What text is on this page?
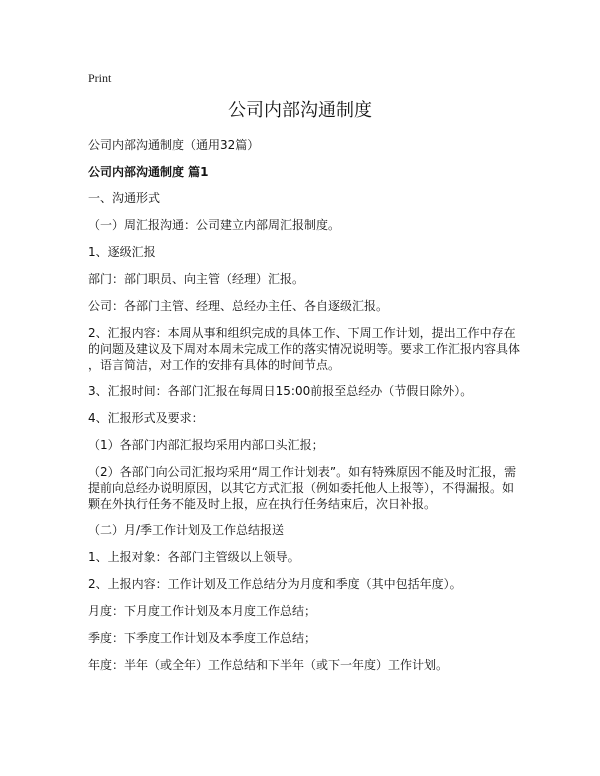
Print
公司内部沟通制度
公司内部沟通制度（通用32篇）
公司内部沟通制度 篇1
一、沟通形式
（一）周汇报沟通：公司建立内部周汇报制度。
1、逐级汇报
部门：部门职员、向主管（经理）汇报。
公司：各部门主管、经理、总经办主任、各自逐级汇报。
2、汇报内容：本周从事和组织完成的具体工作、下周工作计划，提出工作中存在
的问题及建议及下周对本周未完成工作的落实情况说明等。要求工作汇报内容具体
，语言简洁，对工作的安排有具体的时间节点。
3、汇报时间：各部门汇报在每周日15:00前报至总经办（节假日除外）。
4、汇报形式及要求：
（1）各部门内部汇报均采用内部口头汇报；
（2）各部门向公司汇报均采用“周工作计划表”。如有特殊原因不能及时汇报，需
提前向总经办说明原因，以其它方式汇报（例如委托他人上报等），不得漏报。如
颗在外执行任务不能及时上报，应在执行任务结束后，次日补报。
（二）月/季工作计划及工作总结报送
1、上报对象：各部门主管级以上领导。
2、上报内容：工作计划及工作总结分为月度和季度（其中包括年度）。
月度：下月度工作计划及本月度工作总结；
季度：下季度工作计划及本季度工作总结；
年度：半年（或全年）工作总结和下半年（或下一年度）工作计划。
